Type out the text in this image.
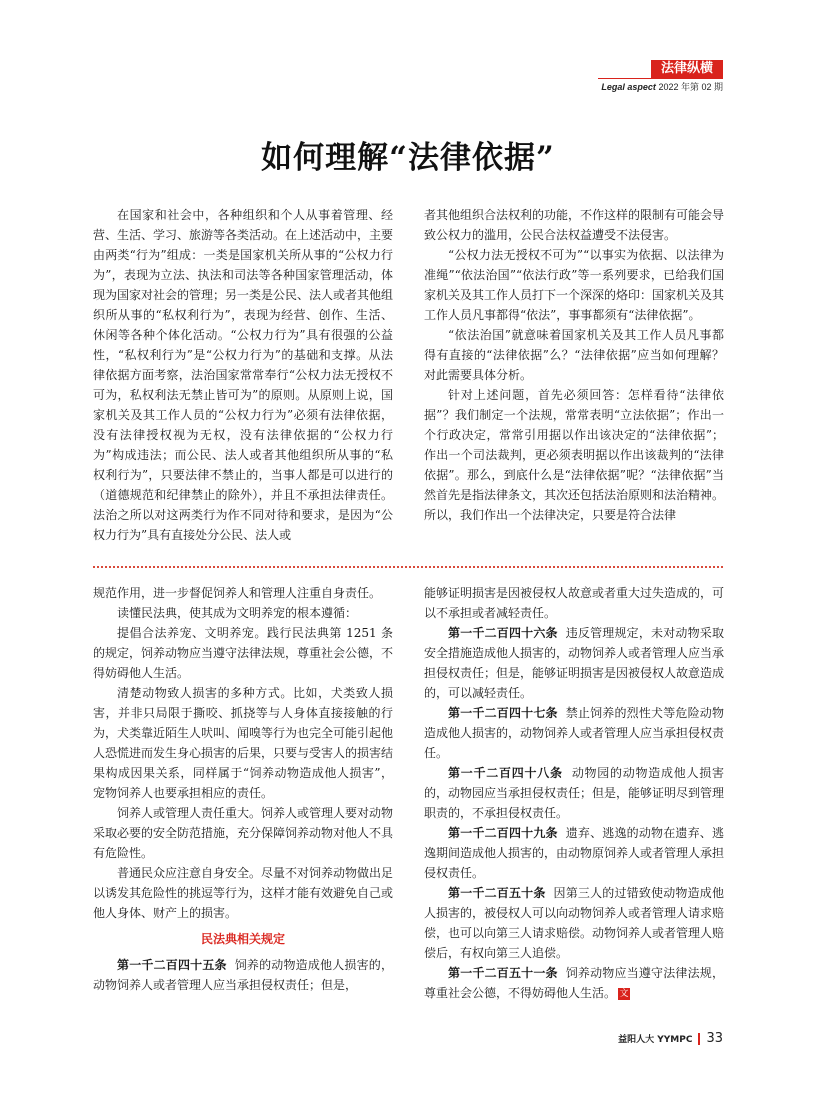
法律纵横
Legal aspect 2022 年第 02 期
如何理解“法律依据”

在国家和社会中，各种组织和个人从事着管理、经营、生活、学习、旅游等各类活动。在上述活动中，主要由两类“行为”组成：一类是国家机关所从事的“公权力行为”，表现为立法、执法和司法等各种国家管理活动，体现为国家对社会的管理；另一类是公民、法人或者其他组织所从事的“私权利行为”，表现为经营、创作、生活、休闲等各种个体化活动。“公权力行为”具有很强的公益性，“私权利行为”是“公权力行为”的基础和支撑。从法律依据方面考察，法治国家常常奉行“公权力法无授权不可为，私权利法无禁止皆可为”的原则。从原则上说，国家机关及其工作人员的“公权力行为”必须有法律依据，没有法律授权视为无权，没有法律依据的“公权力行为”构成违法；而公民、法人或者其他组织所从事的“私权利行为”，只要法律不禁止的，当事人都是可以进行的（道德规范和纪律禁止的除外），并且不承担法律责任。法治之所以对这两类行为作不同对待和要求，是因为“公权力行为”具有直接处分公民、法人或

者其他组织合法权利的功能，不作这样的限制有可能会导致公权力的滥用，公民合法权益遭受不法侵害。

“公权力法无授权不可为”“以事实为依据、以法律为准绳”“依法治国”“依法行政”等一系列要求，已给我们国家机关及其工作人员打下一个深深的烙印：国家机关及其工作人员凡事都得“依法”，事事都须有“法律依据”。

“依法治国”就意味着国家机关及其工作人员凡事都得有直接的“法律依据”么？“法律依据”应当如何理解？对此需要具体分析。

针对上述问题，首先必须回答：怎样看待“法律依据”？我们制定一个法规，常常表明“立法依据”；作出一个行政决定，常常引用据以作出该决定的“法律依据”；作出一个司法裁判，更必须表明据以作出该裁判的“法律依据”。那么，到底什么是“法律依据”呢？“法律依据”当然首先是指法律条文，其次还包括法治原则和法治精神。所以，我们作出一个法律决定，只要是符合法律

规范作用，进一步督促饲养人和管理人注重自身责任。

读懂民法典，使其成为文明养宠的根本遵循：

提倡合法养宠、文明养宠。践行民法典第 1251 条的规定，饲养动物应当遵守法律法规，尊重社会公德，不得妨碍他人生活。

清楚动物致人损害的多种方式。比如，犬类致人损害，并非只局限于撕咬、抓挠等与人身体直接接触的行为，犬类靠近陌生人吠叫、闻嗅等行为也完全可能引起他人恐慌进而发生身心损害的后果，只要与受害人的损害结果构成因果关系，同样属于“饲养动物造成他人损害”，宠物饲养人也要承担相应的责任。

饲养人或管理人责任重大。饲养人或管理人要对动物采取必要的安全防范措施，充分保障饲养动物对他人不具有危险性。

普通民众应注意自身安全。尽量不对饲养动物做出足以诱发其危险性的挑逗等行为，这样才能有效避免自己或他人身体、财产上的损害。

民法典相关规定

第一千二百四十五条 饲养的动物造成他人损害的，动物饲养人或者管理人应当承担侵权责任；但是，

能够证明损害是因被侵权人故意或者重大过失造成的，可以不承担或者减轻责任。

第一千二百四十六条 违反管理规定，未对动物采取安全措施造成他人损害的，动物饲养人或者管理人应当承担侵权责任；但是，能够证明损害是因被侵权人故意造成的，可以减轻责任。

第一千二百四十七条 禁止饲养的烈性犬等危险动物造成他人损害的，动物饲养人或者管理人应当承担侵权责任。

第一千二百四十八条 动物园的动物造成他人损害的，动物园应当承担侵权责任；但是，能够证明尽到管理职责的，不承担侵权责任。

第一千二百四十九条 遗弃、逃逸的动物在遗弃、逃逸期间造成他人损害的，由动物原饲养人或者管理人承担侵权责任。

第一千二百五十条 因第三人的过错致使动物造成他人损害的，被侵权人可以向动物饲养人或者管理人请求赔偿，也可以向第三人请求赔偿。动物饲养人或者管理人赔偿后，有权向第三人追偿。

第一千二百五十一条 饲养动物应当遵守法律法规，尊重社会公德，不得妨碍他人生活。 文

益阳人大 YYMPC 33
